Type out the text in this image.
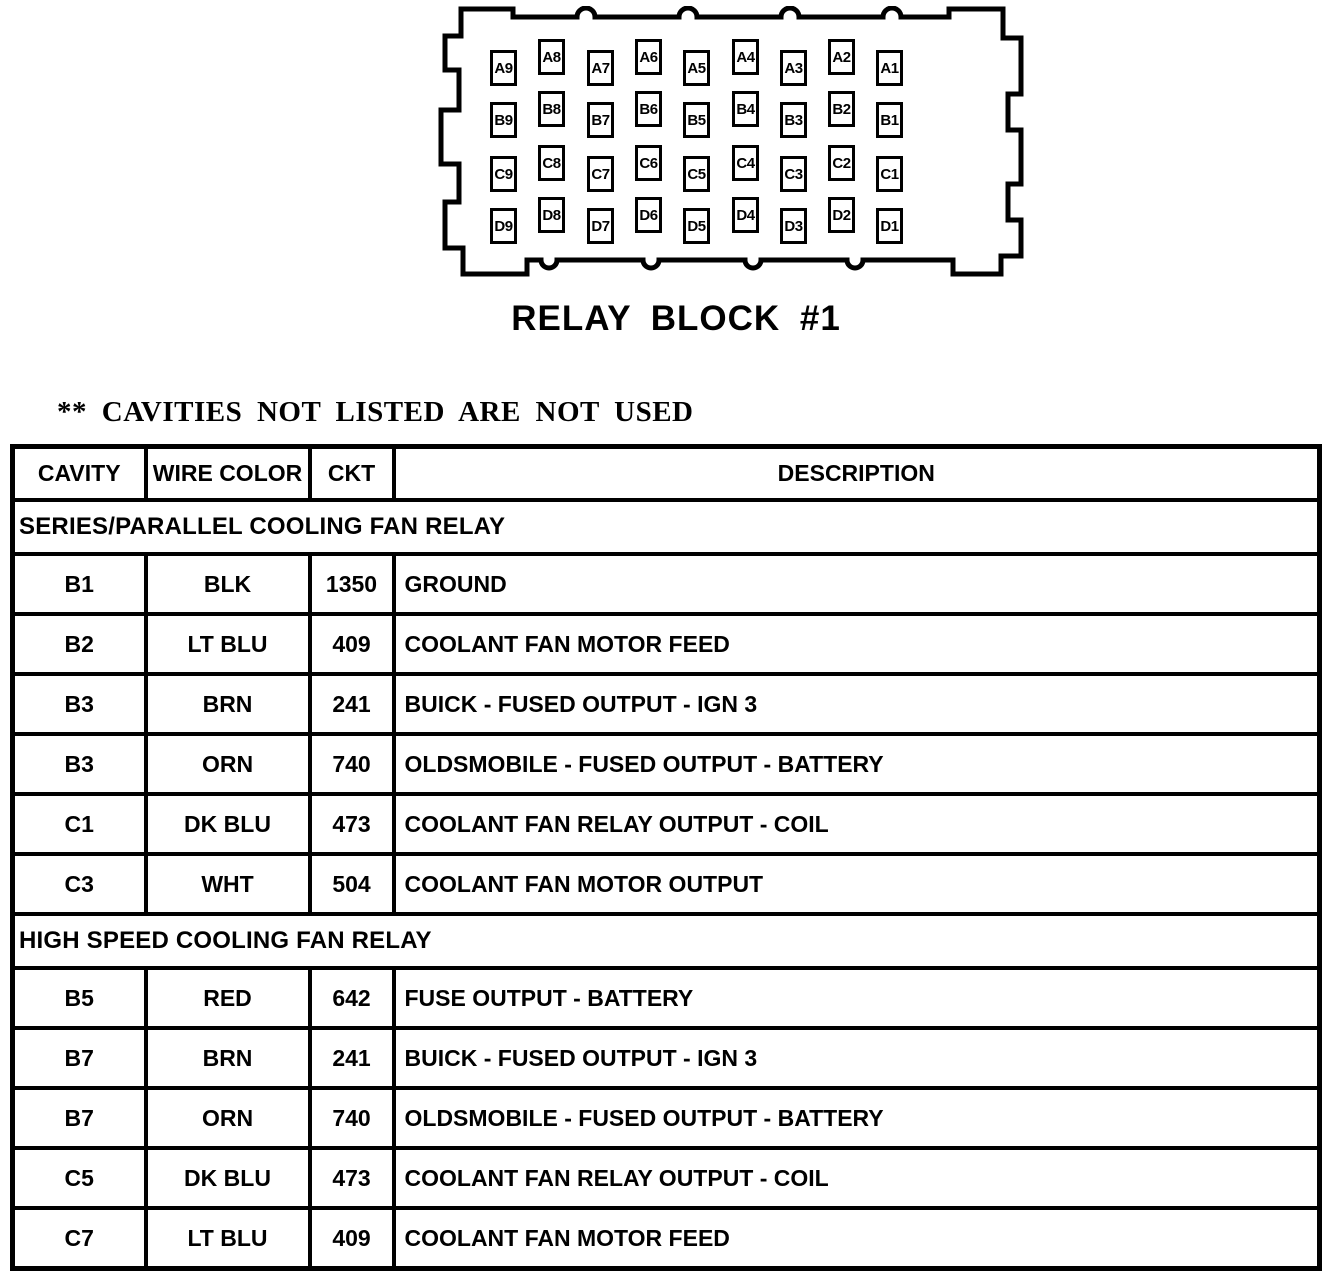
A9
A8
A7
A6
A5
A4
A3
A2
A1
B9
B8
B7
B6
B5
B4
B3
B2
B1
C9
C8
C7
C6
C5
C4
C3
C2
C1
D9
D8
D7
D6
D5
D4
D3
D2
D1
RELAY BLOCK #1
** CAVITIES NOT LISTED ARE NOT USED
CAVITY	WIRE COLOR	CKT	DESCRIPTION
SERIES/PARALLEL COOLING FAN RELAY			
B1	BLK	1350	GROUND
B2	LT BLU	409	COOLANT FAN MOTOR FEED
B3	BRN	241	BUICK - FUSED OUTPUT - IGN 3
B3	ORN	740	OLDSMOBILE - FUSED OUTPUT - BATTERY
C1	DK BLU	473	COOLANT FAN RELAY OUTPUT - COIL
C3	WHT	504	COOLANT FAN MOTOR OUTPUT
HIGH SPEED COOLING FAN RELAY			
B5	RED	642	FUSE OUTPUT - BATTERY
B7	BRN	241	BUICK - FUSED OUTPUT - IGN 3
B7	ORN	740	OLDSMOBILE - FUSED OUTPUT - BATTERY
C5	DK BLU	473	COOLANT FAN RELAY OUTPUT - COIL
C7	LT BLU	409	COOLANT FAN MOTOR FEED
